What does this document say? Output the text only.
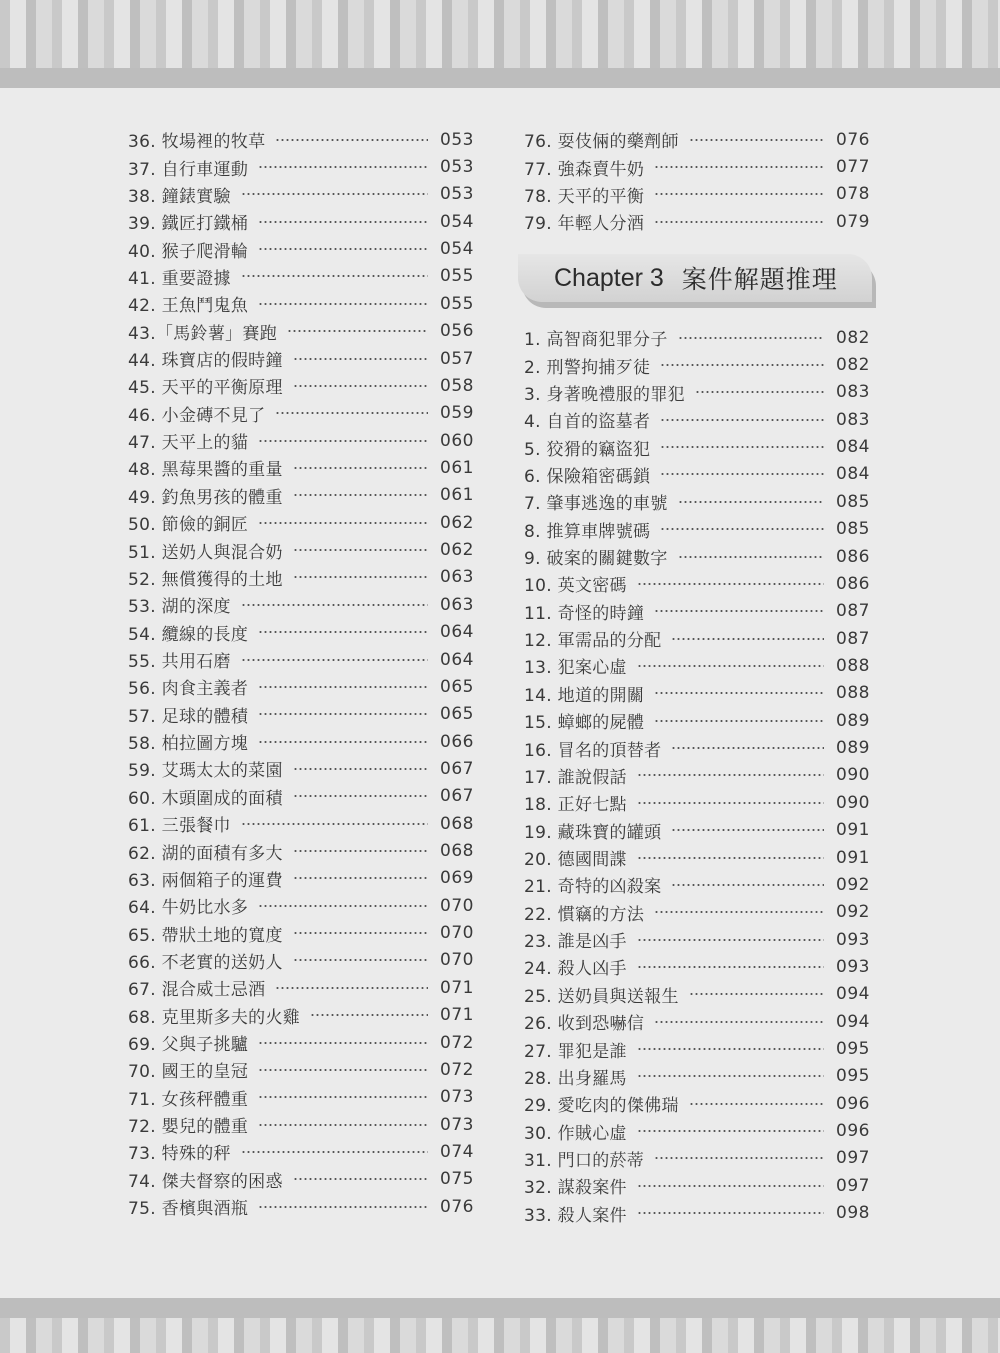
36. 牧場裡的牧草	053
37. 自行車運動	053
38. 鐘錶實驗	053
39. 鐵匠打鐵桶	054
40. 猴子爬滑輪	054
41. 重要證據	055
42. 王魚鬥鬼魚	055
43.「馬鈴薯」賽跑	056
44. 珠寶店的假時鐘	057
45. 天平的平衡原理	058
46. 小金磚不見了	059
47. 天平上的貓	060
48. 黑莓果醬的重量	061
49. 釣魚男孩的體重	061
50. 節儉的銅匠	062
51. 送奶人與混合奶	062
52. 無償獲得的土地	063
53. 湖的深度	063
54. 纜線的長度	064
55. 共用石磨	064
56. 肉食主義者	065
57. 足球的體積	065
58. 柏拉圖方塊	066
59. 艾瑪太太的菜園	067
60. 木頭圍成的面積	067
61. 三張餐巾	068
62. 湖的面積有多大	068
63. 兩個箱子的運費	069
64. 牛奶比水多	070
65. 帶狀土地的寬度	070
66. 不老實的送奶人	070
67. 混合威士忌酒	071
68. 克里斯多夫的火雞	071
69. 父與子挑驢	072
70. 國王的皇冠	072
71. 女孩秤體重	073
72. 嬰兒的體重	073
73. 特殊的秤	074
74. 傑夫督察的困惑	075
75. 香檳與酒瓶	076
76. 耍伎倆的藥劑師	076
77. 強森賣牛奶	077
78. 天平的平衡	078
79. 年輕人分酒	079
Chapter 3 案件解題推理
1. 高智商犯罪分子	082
2. 刑警拘捕歹徒	082
3. 身著晚禮服的罪犯	083
4. 自首的盜墓者	083
5. 狡猾的竊盜犯	084
6. 保險箱密碼鎖	084
7. 肇事逃逸的車號	085
8. 推算車牌號碼	085
9. 破案的關鍵數字	086
10. 英文密碼	086
11. 奇怪的時鐘	087
12. 軍需品的分配	087
13. 犯案心虛	088
14. 地道的開關	088
15. 蟑螂的屍體	089
16. 冒名的頂替者	089
17. 誰說假話	090
18. 正好七點	090
19. 藏珠寶的罐頭	091
20. 德國間諜	091
21. 奇特的凶殺案	092
22. 慣竊的方法	092
23. 誰是凶手	093
24. 殺人凶手	093
25. 送奶員與送報生	094
26. 收到恐嚇信	094
27. 罪犯是誰	095
28. 出身羅馬	095
29. 愛吃肉的傑佛瑞	096
30. 作賊心虛	096
31. 門口的菸蒂	097
32. 謀殺案件	097
33. 殺人案件	098
